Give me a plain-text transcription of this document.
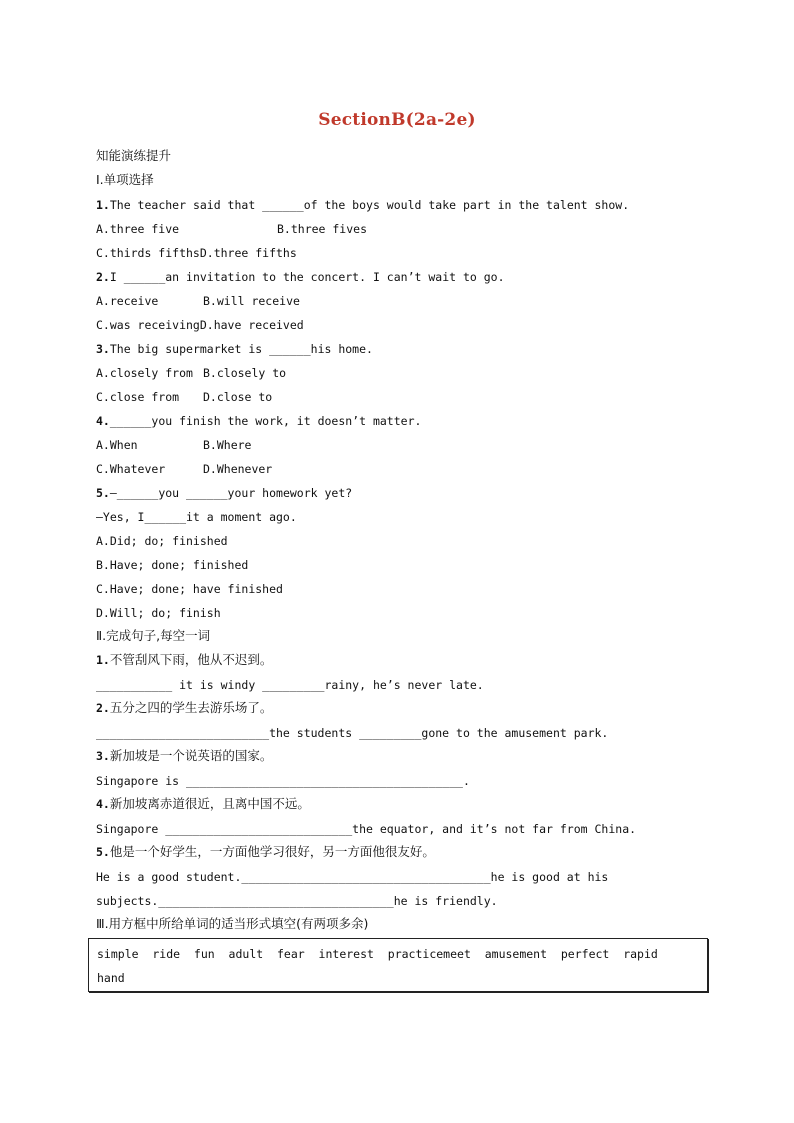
SectionB(2a-2e)
知能演练提升
Ⅰ.单项选择
1.The teacher said that ______of the boys would take part in the talent show.
A.three five	B.three fives
C.thirds fifthsD.three fifths
2.I ______an invitation to the concert. I can’t wait to go.
A.receive	B.will receive
C.was receivingD.have received
3.The big supermarket is ______his home.
A.closely from B.closely to
C.close from D.close to
4.______you finish the work, it doesn’t matter.
A.When	B.Where
C.Whatever	D.Whenever
5.—______you ______your homework yet?
—Yes, I______it a moment ago.
A.Did; do; finished
B.Have; done; finished
C.Have; done; have finished
D.Will; do; finish
Ⅱ.完成句子,每空一词
1.不管刮风下雨，他从不迟到。
___________ it is windy _________rainy, he’s never late.
2.五分之四的学生去游乐场了。
_________________________the students _________gone to the amusement park.
3.新加坡是一个说英语的国家。
Singapore is ________________________________________.
4.新加坡离赤道很近，且离中国不远。
Singapore ___________________________the equator, and it’s not far from China.
5.他是一个好学生，一方面他学习很好，另一方面他很友好。
He is a good student.____________________________________he is good at his
subjects.__________________________________he is friendly.
Ⅲ.用方框中所给单词的适当形式填空(有两项多余)
simple  ride  fun  adult  fear  interest  practicemeet  amusement  perfect  rapid
hand
